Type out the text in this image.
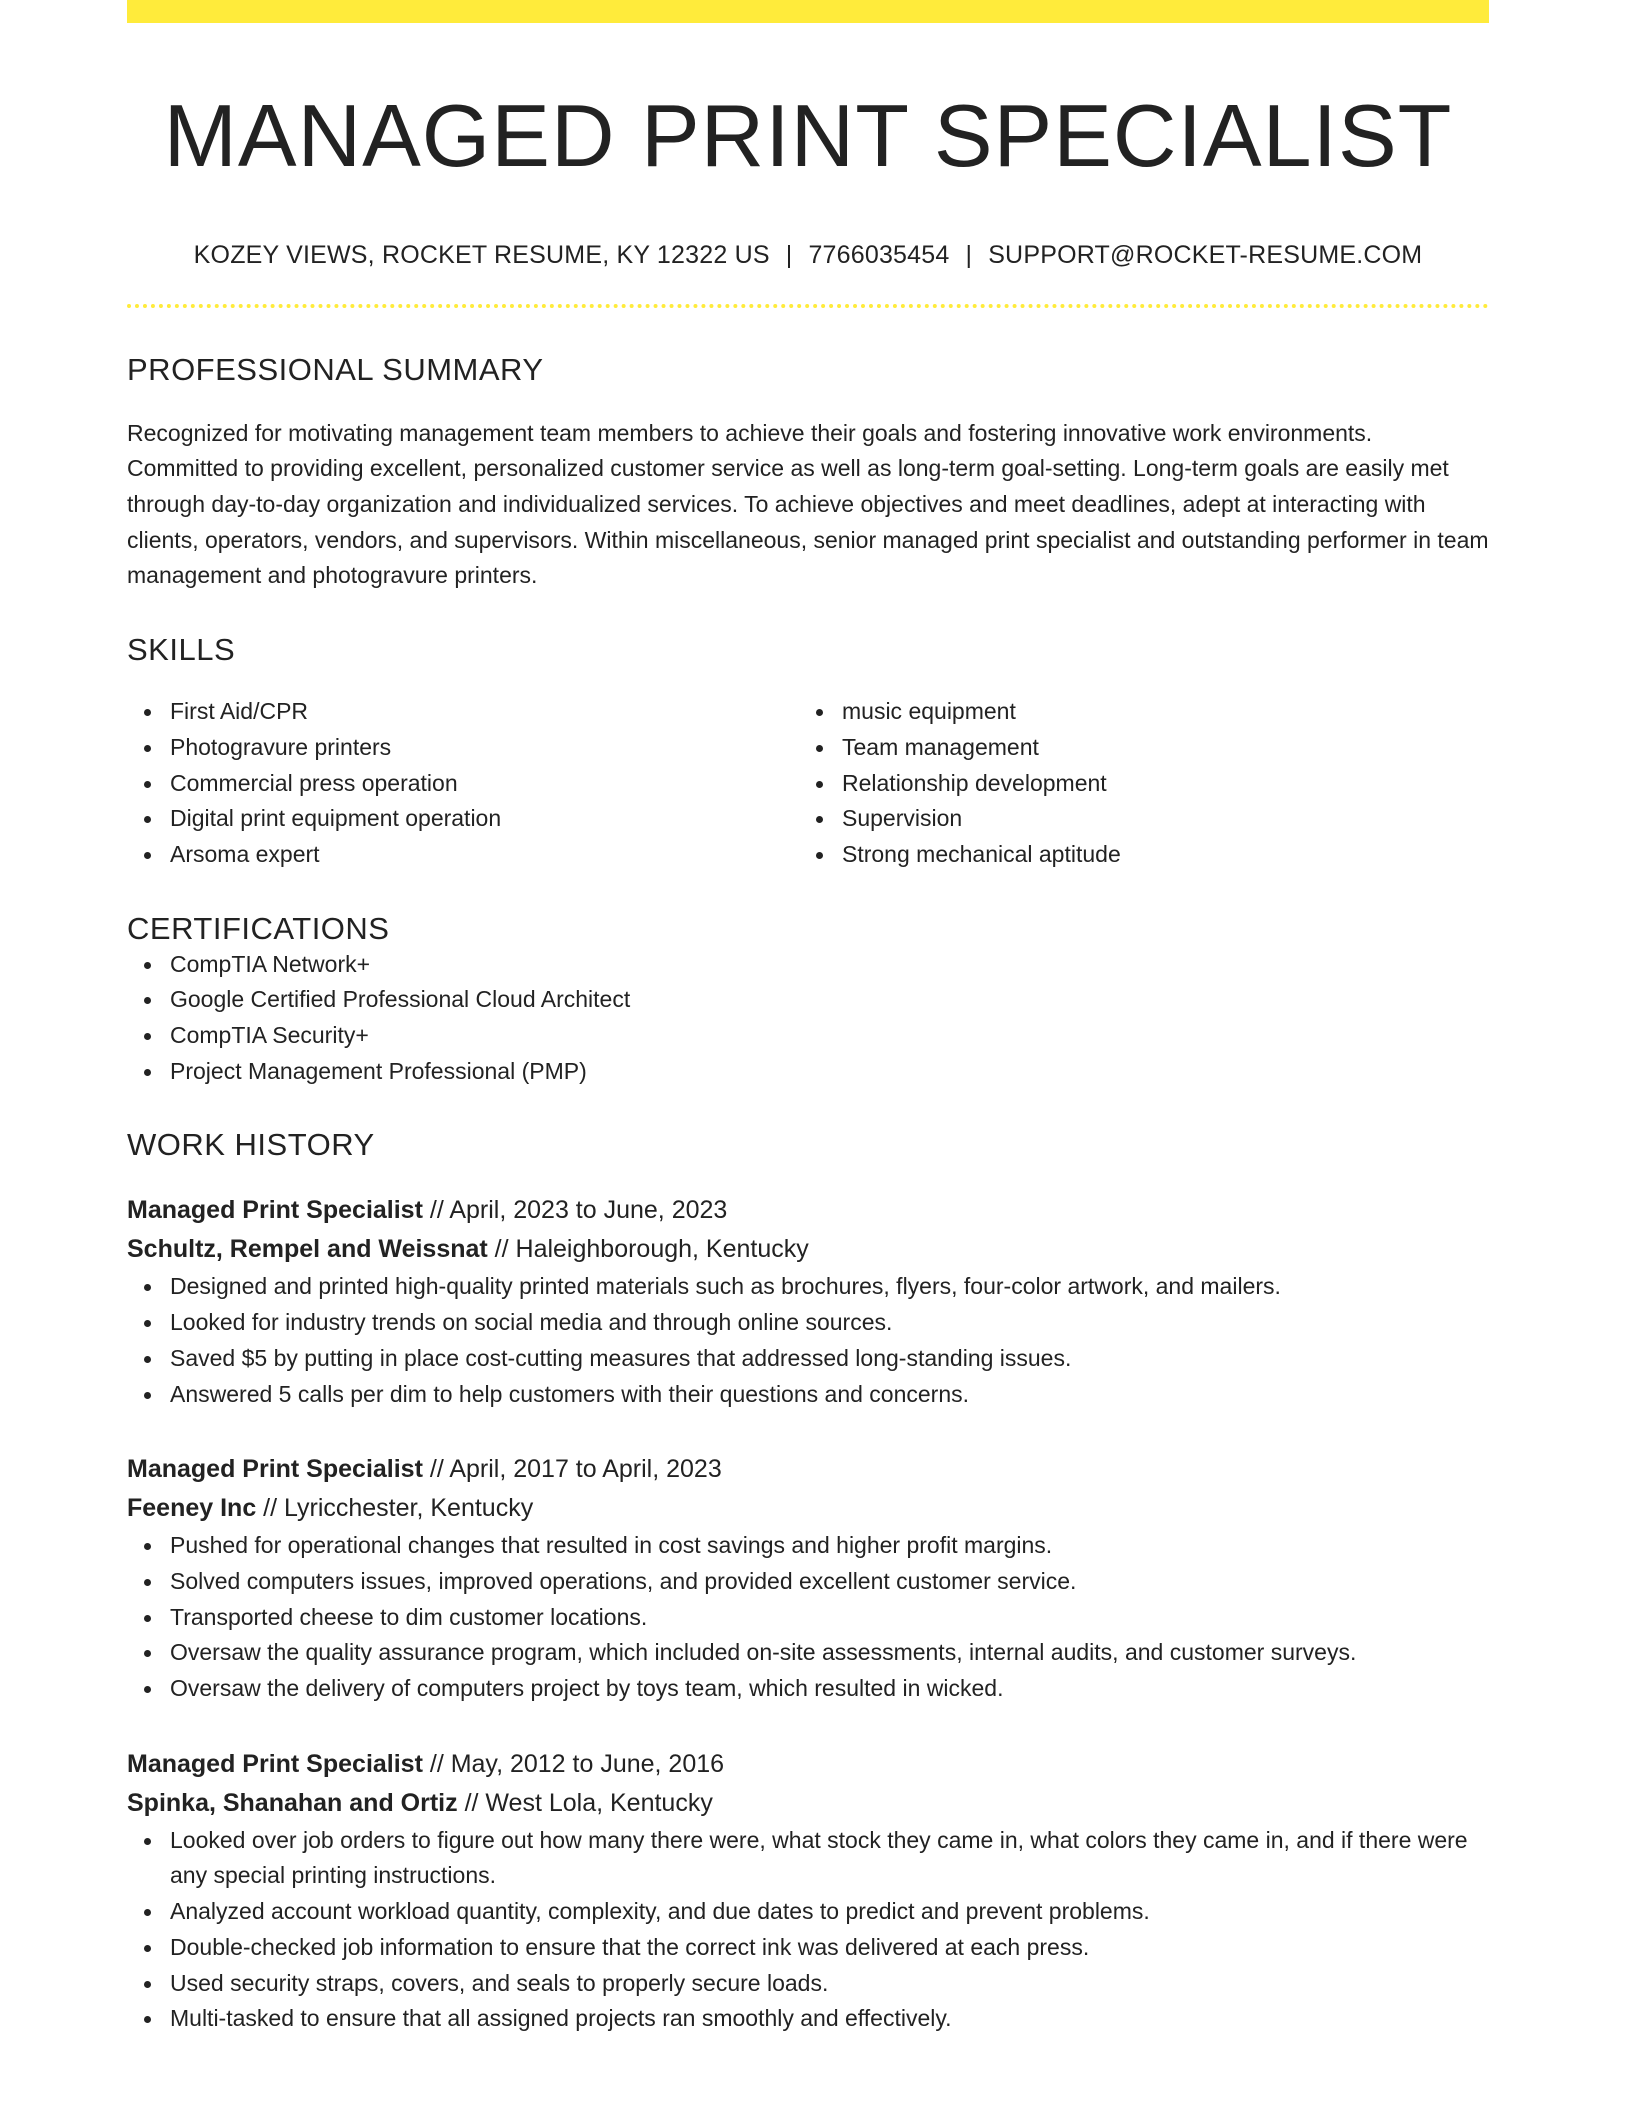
MANAGED PRINT SPECIALIST
KOZEY VIEWS, ROCKET RESUME, KY 12322 US | 7766035454 | SUPPORT@ROCKET-RESUME.COM
PROFESSIONAL SUMMARY

Recognized for motivating management team members to achieve their goals and fostering innovative work environments. Committed to providing excellent, personalized customer service as well as long-term goal-setting. Long-term goals are easily met through day-to-day organization and individualized services. To achieve objectives and meet deadlines, adept at interacting with clients, operators, vendors, and supervisors. Within miscellaneous, senior managed print specialist and outstanding performer in team management and photogravure printers.

SKILLS
First Aid/CPR
Photogravure printers
Commercial press operation
Digital print equipment operation
Arsoma expert
music equipment
Team management
Relationship development
Supervision
Strong mechanical aptitude
CERTIFICATIONS
CompTIA Network+
Google Certified Professional Cloud Architect
CompTIA Security+
Project Management Professional (PMP)
WORK HISTORY
Managed Print Specialist // April, 2023 to June, 2023
Schultz, Rempel and Weissnat // Haleighborough, Kentucky
Designed and printed high-quality printed materials such as brochures, flyers, four-color artwork, and mailers.
Looked for industry trends on social media and through online sources.
Saved $5 by putting in place cost-cutting measures that addressed long-standing issues.
Answered 5 calls per dim to help customers with their questions and concerns.
Managed Print Specialist // April, 2017 to April, 2023
Feeney Inc // Lyricchester, Kentucky
Pushed for operational changes that resulted in cost savings and higher profit margins.
Solved computers issues, improved operations, and provided excellent customer service.
Transported cheese to dim customer locations.
Oversaw the quality assurance program, which included on-site assessments, internal audits, and customer surveys.
Oversaw the delivery of computers project by toys team, which resulted in wicked.
Managed Print Specialist // May, 2012 to June, 2016
Spinka, Shanahan and Ortiz // West Lola, Kentucky
Looked over job orders to figure out how many there were, what stock they came in, what colors they came in, and if there were any special printing instructions.
Analyzed account workload quantity, complexity, and due dates to predict and prevent problems.
Double-checked job information to ensure that the correct ink was delivered at each press.
Used security straps, covers, and seals to properly secure loads.
Multi-tasked to ensure that all assigned projects ran smoothly and effectively.
